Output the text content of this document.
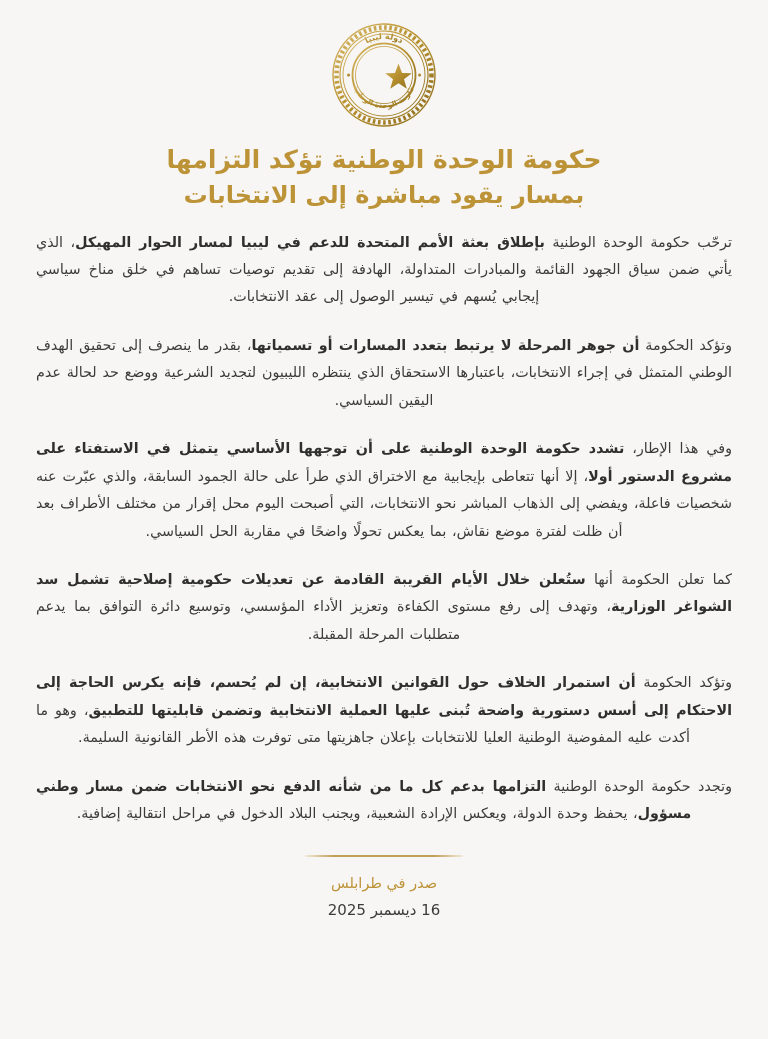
دولة ليبيا
حكومة الوحدة الوطنية
حكومة الوحدة الوطنية تؤكد التزامها
بمسار يقود مباشرة إلى الانتخابات

ترحّب حكومة الوحدة الوطنية بإطلاق بعثة الأمم المتحدة للدعم في ليبيا لمسار الحوار المهيكل، الذي يأتي ضمن سياق الجهود القائمة والمبادرات المتداولة، الهادفة إلى تقديم توصيات تساهم في خلق مناخ سياسي إيجابي يُسهم في تيسير الوصول إلى عقد الانتخابات.

وتؤكد الحكومة أن جوهر المرحلة لا يرتبط بتعدد المسارات أو تسمياتها، بقدر ما ينصرف إلى تحقيق الهدف الوطني المتمثل في إجراء الانتخابات، باعتبارها الاستحقاق الذي ينتظره الليبيون لتجديد الشرعية ووضع حد لحالة عدم اليقين السياسي.

وفي هذا الإطار، تشدد حكومة الوحدة الوطنية على أن توجهها الأساسي يتمثل في الاستفتاء على مشروع الدستور أولا، إلا أنها تتعاطى بإيجابية مع الاختراق الذي طرأ على حالة الجمود السابقة، والذي عبّرت عنه شخصيات فاعلة، ويفضي إلى الذهاب المباشر نحو الانتخابات، التي أصبحت اليوم محل إقرار من مختلف الأطراف بعد أن ظلت لفترة موضع نقاش، بما يعكس تحولًا واضحًا في مقاربة الحل السياسي.

كما تعلن الحكومة أنها ستُعلن خلال الأيام القريبة القادمة عن تعديلات حكومية إصلاحية تشمل سد الشواغر الوزارية، وتهدف إلى رفع مستوى الكفاءة وتعزيز الأداء المؤسسي، وتوسيع دائرة التوافق بما يدعم متطلبات المرحلة المقبلة.

وتؤكد الحكومة أن استمرار الخلاف حول القوانين الانتخابية، إن لم يُحسم، فإنه يكرس الحاجة إلى الاحتكام إلى أسس دستورية واضحة تُبنى عليها العملية الانتخابية وتضمن قابليتها للتطبيق، وهو ما أكدت عليه المفوضية الوطنية العليا للانتخابات بإعلان جاهزيتها متى توفرت هذه الأطر القانونية السليمة.

وتجدد حكومة الوحدة الوطنية التزامها بدعم كل ما من شأنه الدفع نحو الانتخابات ضمن مسار وطني مسؤول، يحفظ وحدة الدولة، ويعكس الإرادة الشعبية، ويجنب البلاد الدخول في مراحل انتقالية إضافية.

صدر في طرابلس
16 ديسمبر 2025
